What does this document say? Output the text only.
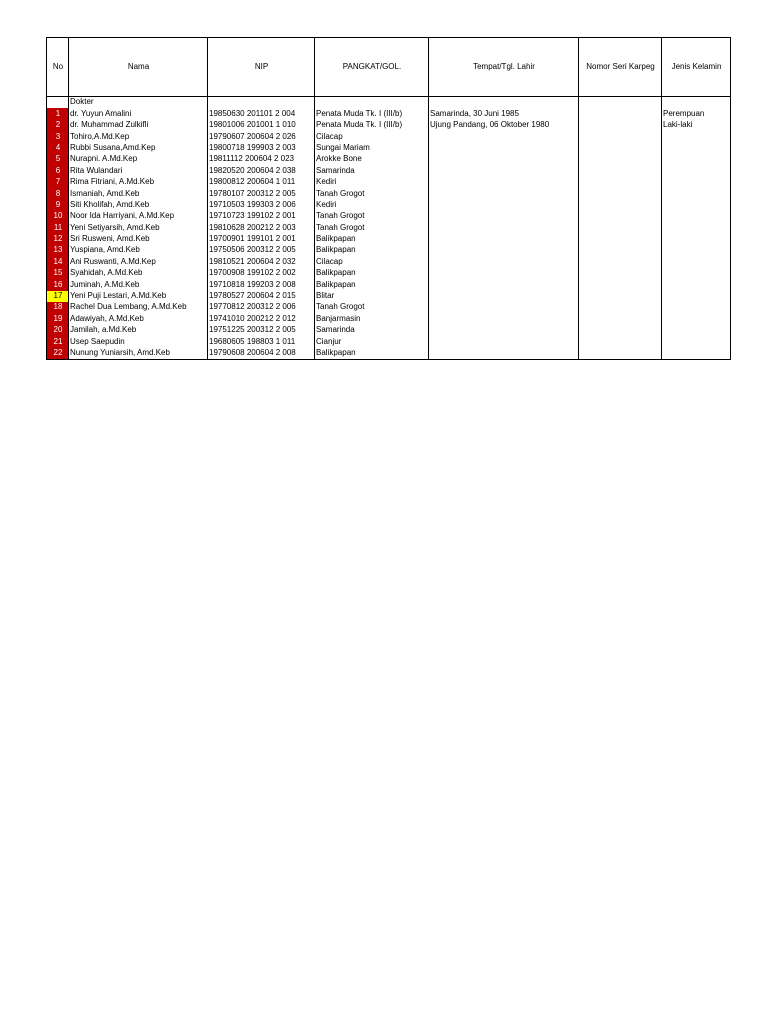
No	Nama	NIP	PANGKAT/GOL.	Tempat/Tgl. Lahir	Nomor Seri Karpeg	Jenis Kelamin
	Dokter					
1	dr. Yuyun Amalini	19850630 201101 2 004	Penata Muda Tk. I (III/b)	Samarinda, 30 Juni 1985		Perempuan
2	dr. Muhammad Zulkifli	19801006 201001 1 010	Penata Muda Tk. I (III/b)	Ujung Pandang, 06 Oktober 1980		Laki-laki
3	Tohiro,A.Md.Kep	19790607 200604 2 026	Cilacap			
4	Rubbi Susana,Amd.Kep	19800718 199903 2 003	Sungai Mariam			
5	Nurapni. A.Md.Kep	19811112 200604 2 023	Arokke Bone			
6	Rita Wulandari	19820520 200604 2 038	Samarinda			
7	Rima Fitriani, A.Md.Keb	19800812 200604 1 011	Kediri			
8	Ismaniah, Amd.Keb	19780107 200312 2 005	Tanah Grogot			
9	Siti Kholifah, Amd.Keb	19710503 199303 2 006	Kediri			
10	Noor Ida Harriyani, A.Md.Kep	19710723 199102 2 001	Tanah Grogot			
11	Yeni Setiyarsih, Amd.Keb	19810628 200212 2 003	Tanah Grogot			
12	Sri Rusweni, Amd.Keb	19700901 199101 2 001	Balikpapan			
13	Yuspiana, Amd.Keb	19750506 200312 2 005	Balikpapan			
14	Ani Ruswanti, A.Md.Kep	19810521 200604 2 032	Cilacap			
15	Syahidah, A.Md.Keb	19700908 199102 2 002	Balikpapan			
16	Juminah, A.Md.Keb	19710818 199203 2 008	Balikpapan			
17	Yeni Puji Lestari, A.Md.Keb	19780527 200604 2 015	Blitar			
18	Rachel Dua Lembang, A.Md.Keb	19770812 200312 2 006	Tanah Grogot			
19	Adawiyah, A.Md.Keb	19741010 200212 2 012	Banjarmasin			
20	Jamilah, a.Md.Keb	19751225 200312 2 005	Samarinda			
21	Usep Saepudin	19680605 198803 1 011	Cianjur			
22	Nunung Yuniarsih, Amd.Keb	19790608 200604 2 008	Balikpapan			
